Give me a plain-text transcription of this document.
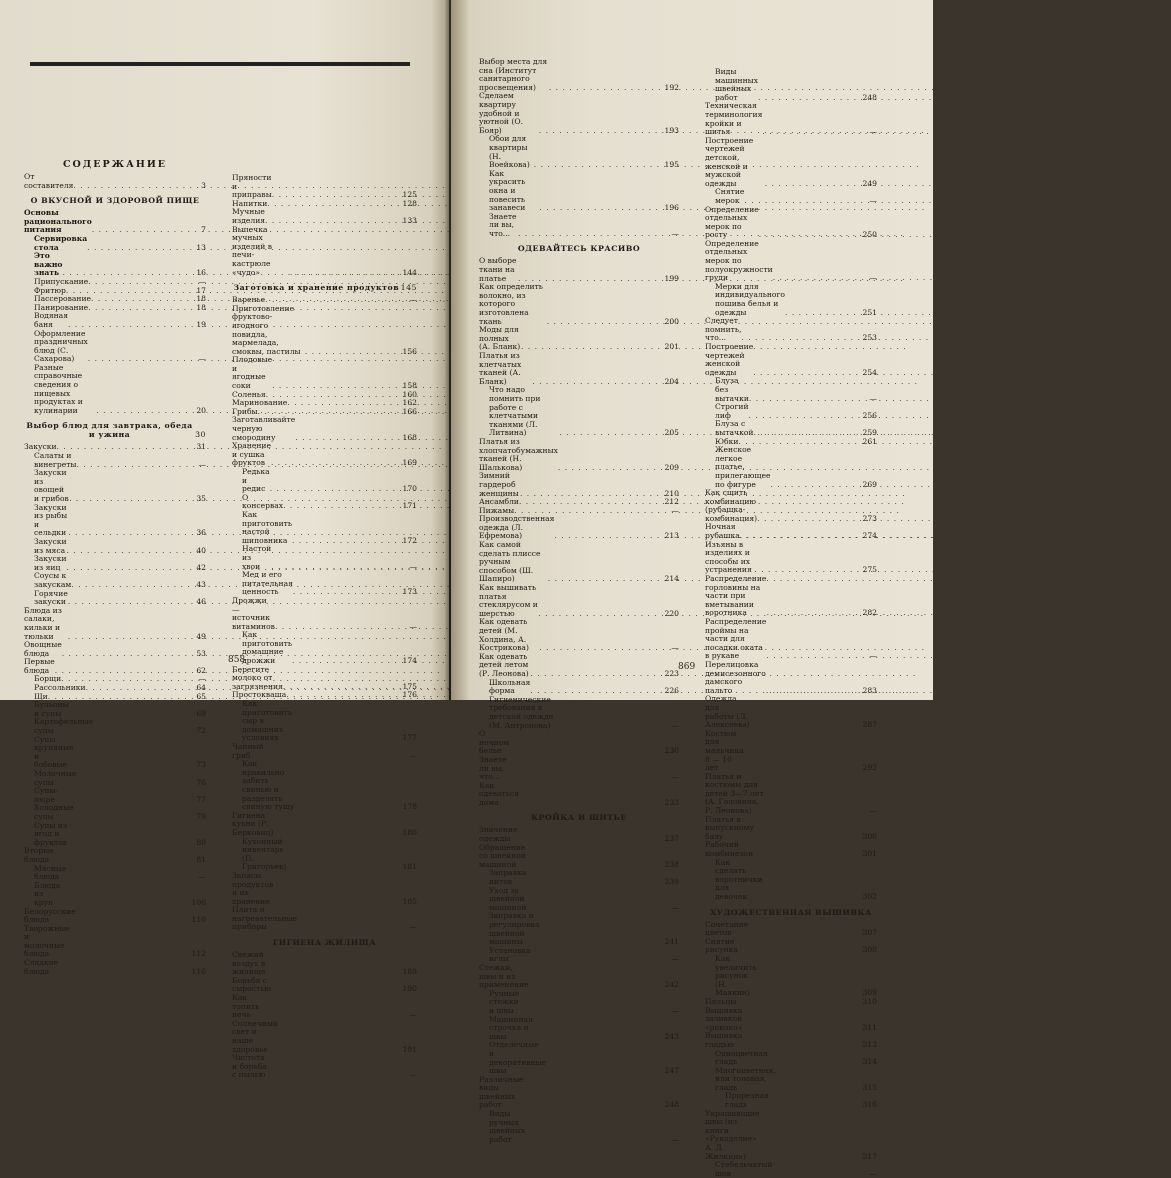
СОДЕРЖАНИЕ
От составителя . . .	3
О ВКУСНОЙ И ЗДОРОВОЙ ПИЩЕ
Основы рационального питания . . .	7
Сервировка стола . . .	13
Это важно знать . . .	16
Припускание . . .	—
Фритюр . . .	17
Пассерование . . .	18
Панирование . . .	18
Водяная баня . . .	19
Оформление праздничных блюд (С. Сахарова) . . .	—
Разные справочные сведения о пищевых продуктах и кулинарии . . .	20
Выбор блюд для завтрака, обеда и ужина	30
Закуски . . .	31
Салаты и винегреты . . .	—
Закуски из овощей и грибов . . .	35
Закуски из рыбы и сельдки . . .	36
Закуски из мяса . . .	40
Закуски из яиц . . .	42
Соусы к закускам . . .	43
Горячие закуски . . .	46
Блюда из салаки, кильки и тюльки . . .	49
Овощные блюда . . .	53
Первые блюда . . .	62
Борщи . . .	—
Рассольники . . .	64
Щи . . .	65
Бульоны и супы . . .	69
Картофельные супы . . .	72
Супы крупяные и бобовые . . .	73
Молочные супы . . .	76
Супы-пюре . . .	77
Холодные супы . . .	79
Супы из ягод и фруктов . . .	80
Вторые блюда . . .	81
Мясные блюда . . .	—
Блюда из круп . . .	106
Белорусские блюда . . .	110
Творожные и молочные блюда . . .	112
Сладкие блюда . . .	116
Пряности и приправы . . .	125
Напитки . . .	128
Мучные изделия . . .	133
Выпечка мучных изделий в печи-кастрюле «чудо» . . .	144
Заготовка и хранение продуктов 145
Варенье . . .	—
Приготовление фруктово-ягодного повидла, мармелада, смоквы, пастилы . . .	156
Плодовые и ягодные соки . . .	158
Соленья . . .	160
Маринование . . .	162
Грибы . . .	166
Заготавливайте черную смородину . . .	168
Хранение и сушка фруктов . . .	169
Редька и редис . . .	170
О консервах . . .	171
Как приготовить настой шиповника . . .	172
Настой из хвои . . .	—
Мед и его питательная ценность . . .	173
Дрожжи — источник витаминов . . .	—
Как приготовить домашние дрожжи . . .	174
Берегите молоко от загрязнения . . .	175
Простокваша . . .	176
Как приготовить сыр в домашних условиях . . .	177
Чайный гриб . . .	—
Как правильно забить свинью и разделать свиную тушу . . .	178
Гигиена кухни (Р. Берковиц) . . .	180
Кухонный инвентарь (П. Григорьев) . . .	181
Запасы продуктов и их хранение . . .	185
Плита и нагревательные приборы . . .	—
ГИГИЕНА ЖИЛИЩА
Свежий воздух в жилище . . .	189
Борьба с сыростью . . .	190
Как топить печь . . .	—
Солнечный свет и наше здоровье . . .	191
Чистота и борьба с пылью . . .	—
858
Выбор места для сна (Институт санитарного просвещения) . . .	192
Сделаем квартиру удобной и уютной (О. Бояр) . . .	193
Обои для квартиры (Н. Воейкова) . . .	195
Как украсить окна и повесить занавеси . . .	196
Знаете ли вы, что... . . .	—
ОДЕВАЙТЕСЬ КРАСИВО
О выборе ткани на платье . . .	199
Как определить волокно, из которого изготовлена ткань . . .	200
Моды для полных (А. Бланк) . . .	201
Платья из клетчатых тканей (А. Бланк) . . .	204
Что надо помнить при работе с клетчатыми тканями (Л. Литвина) . . .	205
Платья из хлопчатобумажных тканей (Н. Шалькова) . . .	209
Зимний гардероб женщины . . .	210
Ансамбли . . .	212
Пижамы . . .	—
Производственная одежда (Л. Ефремова) . . .	213
Как самой сделать плиссе ручным способом (Ш. Шапиро) . . .	214
Как вышивать платья стеклярусом и шерстью . . .	220
Как одевать детей (М. Холдина, А. Кострикова) . . .	—
Как одевать детей летом (Р. Леонова) . . .	223
Школьная форма . . .	226
Гигиенические требования к детской одежде (М. Антропова) . . .	—
О ночном белье . . .	230
Знаете ли вы, что... . . .	—
Как одеваться дома . . .	233
КРОЙКА И ШИТЬЕ
Значение одежды . . .	237
Обращение со швейной машиной . . .	238
Заправка ниток . . .	239
Уход за швейной машиной . . .	—
Заправка и регулировка швейной машины . . .	241
Установка иглы . . .	—
Стежки, швы и их применение . . .	242
Ручные стежки и швы . . .	—
Машинная строчка и швы . . .	243
Отделочные и декоративные швы . . .	247
Различные виды швейных работ . . .	248
Виды ручных швейных работ . . .	—
Виды машинных швейных работ . . .	248
Техническая терминология кройки и шитья . . .	—
Построение чертежей детской, женской и мужской одежды . . .	249
Снятие мерок . . .	—
Определение отдельных мерок по росту . . .	250
Определение отдельных мерок по полуокружности груди . . .	—
Мерки для индивидуального пошива белья и одежды . . .	251
Следует помнить, что... . . .	253
Построение чертежей женской одежды . . .	254
Блуза без вытачки . . .	—
Строгий лиф . . .	256
Блуза с вытачкой . . .	259
Юбки . . .	261
Женское легкое платье, прилегающее по фигуре . . .	269
Как сшить комбинацию (рубашка-комбинация) . . .	273
Ночная рубашка . . .	274
Изъяны в изделиях и способы их устранения . . .	275
Распределение горловины на части при вметывании воротника . . .	282
Распределение проймы на части для посадки оката в рукаве . . .	—
Перелицовка демисезонного дамского пальто . . .	283
Одежда для работы (Л. Алексеева) . . .	287
Костюм для мальчика 8 — 10 лет . . .	292
Платья и костюмы для детей 3—7 лет (А. Головина, Р. Леонова) . . .	—
Платья к выпускному балу . . .	300
Рабочий комбинезон . . .	301
Как сделать воротнички для девочек . . .	302
ХУДОЖЕСТВЕННАЯ ВЫШИВКА
Сочетание цветов . . .	307
Снятие рисунка . . .	308
Как увеличить рисунок (Н. Маякин) . . .	309
Пяльцы . . .	310
Вышивка заливкой «рококо» . . .	311
Вышивка гладью . . .	313
Одноцветная гладь . . .	314
Многоцветная, или тоновая, гладь . . .	315
Прорезная гладь . . .	316
Украшающие швы (из книги «Рукоделие» А. Д. Жилкина) . . .	317
Стебельчатый шов . . .	—
869
